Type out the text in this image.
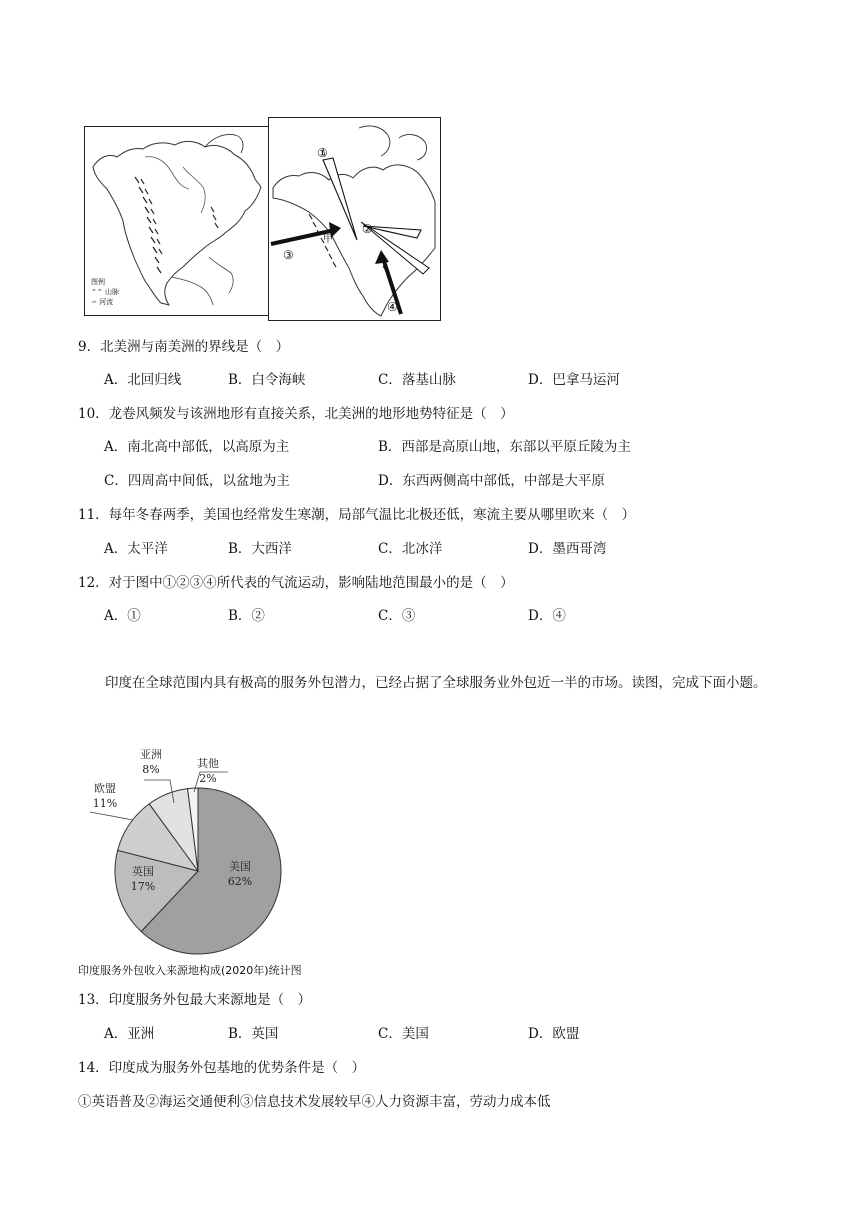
图例
⌃⌃ 山脉
∽ 河流
①
②
③
④
甲
9．北美洲与南美洲的界线是（　）
A．北回归线	B．白令海峡	C．落基山脉	D．巴拿马运河
10．龙卷风频发与该洲地形有直接关系，北美洲的地形地势特征是（　）
A．南北高中部低，以高原为主	B．西部是高原山地，东部以平原丘陵为主
C．四周高中间低，以盆地为主	D．东西两侧高中部低，中部是大平原
11．每年冬春两季，美国也经常发生寒潮，局部气温比北极还低，寒流主要从哪里吹来（　）
A．太平洋	B．大西洋	C．北冰洋	D．墨西哥湾
12．对于图中①②③④所代表的气流运动，影响陆地范围最小的是（　）
A．①	B．②	C．③	D．④
印度在全球范围内具有极高的服务外包潜力，已经占据了全球服务业外包近一半的市场。读图，完成下面小题。
美国
62%
英国
17%
欧盟
11%
亚洲
8%	其他
2%
印度服务外包收入来源地构成(2020年)统计图
13．印度服务外包最大来源地是（　）
A．亚洲	B．英国	C．美国	D．欧盟
14．印度成为服务外包基地的优势条件是（　）
①英语普及②海运交通便利③信息技术发展较早④人力资源丰富，劳动力成本低
